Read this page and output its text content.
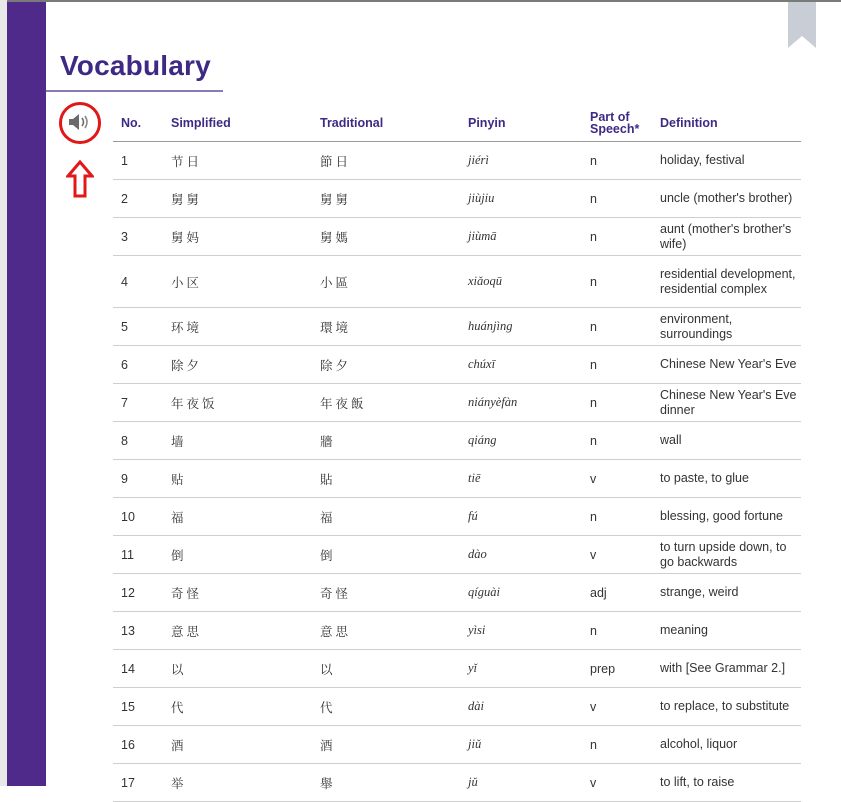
Vocabulary
No.	Simplified	Traditional	Pinyin	Part of Speech*	Definition
1	节日	節日	jiérì	n	holiday, festival
2	舅舅	舅舅	jiùjiu	n	uncle (mother's brother)
3	舅妈	舅媽	jiùmā	n	aunt (mother's brother's wife)
4	小区	小區	xiǎoqū	n	residential development, residential complex
5	环境	環境	huánjìng	n	environment, surroundings
6	除夕	除夕	chúxī	n	Chinese New Year's Eve
7	年夜饭	年夜飯	niányèfàn	n	Chinese New Year's Eve dinner
8	墙	牆	qiáng	n	wall
9	贴	貼	tiē	v	to paste, to glue
10	福	福	fú	n	blessing, good fortune
11	倒	倒	dào	v	to turn upside down, to go backwards
12	奇怪	奇怪	qíguài	adj	strange, weird
13	意思	意思	yìsi	n	meaning
14	以	以	yǐ	prep	with [See Grammar 2.]
15	代	代	dài	v	to replace, to substitute
16	酒	酒	jiǔ	n	alcohol, liquor
17	举	舉	jǔ	v	to lift, to raise
